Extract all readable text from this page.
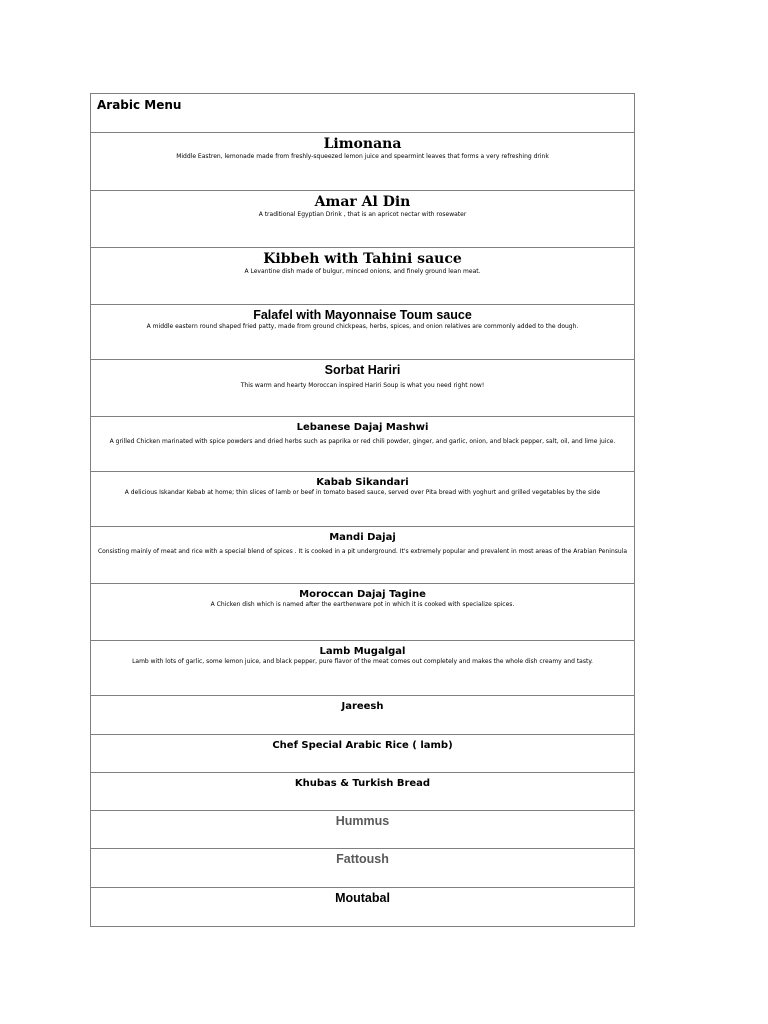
Arabic Menu
Limonana
Middle Eastren, lemonade made from freshly-squeezed lemon juice and spearmint leaves that forms a very refreshing drink
Amar Al Din
A traditional Egyptian Drink , that is an apricot nectar with rosewater
Kibbeh with Tahini sauce
A Levantine dish made of bulgur, minced onions, and finely ground lean meat.
Falafel with Mayonnaise Toum sauce
A middle eastern round shaped fried patty, made from ground chickpeas, herbs, spices, and onion relatives are commonly added to the dough.
Sorbat Hariri
This warm and hearty Moroccan inspired Hariri Soup is what you need right now!
Lebanese Dajaj Mashwi
A grilled Chicken marinated with spice powders and dried herbs such as paprika or red chili powder, ginger, and garlic, onion, and black pepper, salt, oil, and lime juice.
Kabab Sikandari
A delicious Iskandar Kebab at home; thin slices of lamb or beef in tomato based sauce, served over Pita bread with yoghurt and grilled vegetables by the side
Mandi Dajaj
Consisting mainly of meat and rice with a special blend of spices . It is cooked in a pit underground. It's extremely popular and prevalent in most areas of the Arabian Peninsula
Moroccan Dajaj Tagine
A Chicken dish which is named after the earthenware pot in which it is cooked with specialize spices.
Lamb Mugalgal
Lamb with lots of garlic, some lemon juice, and black pepper, pure flavor of the meat comes out completely and makes the whole dish creamy and tasty.
Jareesh
Chef Special Arabic Rice ( lamb)
Khubas & Turkish Bread
Hummus
Fattoush
Moutabal
